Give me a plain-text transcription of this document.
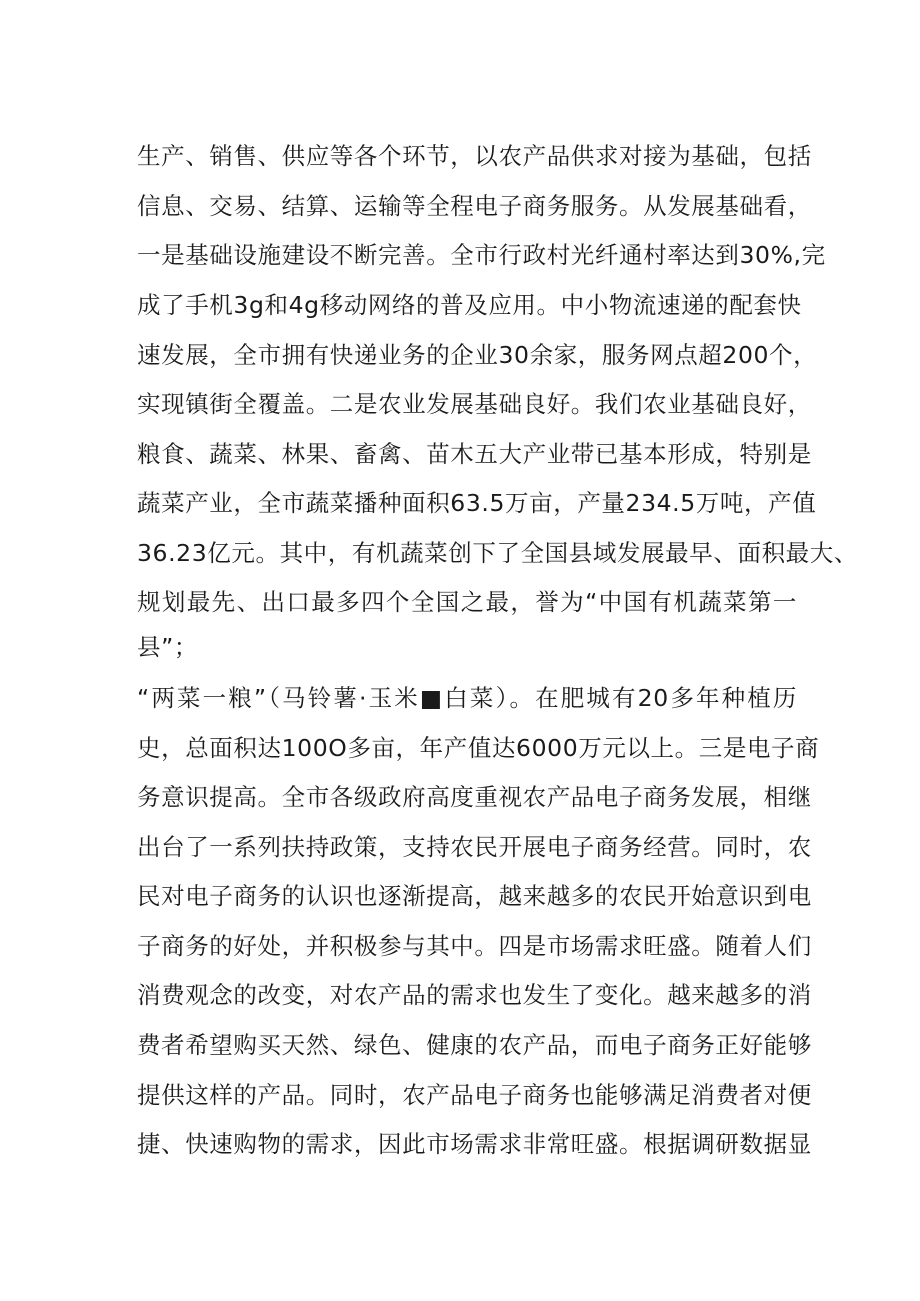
生产、销售、供应等各个环节，以农产品供求对接为基础，包括
信息、交易、结算、运输等全程电子商务服务。从发展基础看，
一是基础设施建设不断完善。全市行政村光纤通村率达到30%,完
成了手机3g和4g移动网络的普及应用。中小物流速递的配套快
速发展，全市拥有快递业务的企业30余家，服务网点超200个，
实现镇街全覆盖。二是农业发展基础良好。我们农业基础良好，
粮食、蔬菜、林果、畜禽、苗木五大产业带已基本形成，特别是
蔬菜产业，全市蔬菜播种面积63.5万亩，产量234.5万吨，产值
36.23亿元。其中，有机蔬菜创下了全国县域发展最早、面积最大、
规划最先、出口最多四个全国之最，誉为“中国有机蔬菜第一
县”；
“两菜一粮”（马铃薯·玉米■白菜）。在肥城有20多年种植历
史，总面积达100O多亩，年产值达6000万元以上。三是电子商
务意识提高。全市各级政府高度重视农产品电子商务发展，相继
出台了一系列扶持政策，支持农民开展电子商务经营。同时，农
民对电子商务的认识也逐渐提高，越来越多的农民开始意识到电
子商务的好处，并积极参与其中。四是市场需求旺盛。随着人们
消费观念的改变，对农产品的需求也发生了变化。越来越多的消
费者希望购买天然、绿色、健康的农产品，而电子商务正好能够
提供这样的产品。同时，农产品电子商务也能够满足消费者对便
捷、快速购物的需求，因此市场需求非常旺盛。根据调研数据显
